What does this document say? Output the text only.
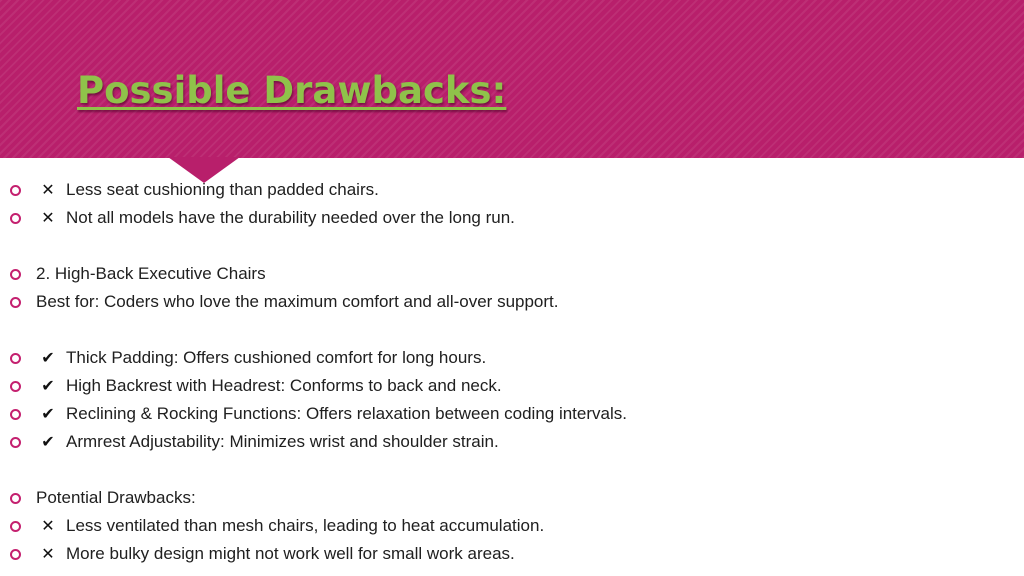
Possible Drawbacks:
✕ Less seat cushioning than padded chairs.
✕ Not all models have the durability needed over the long run.
2. High-Back Executive Chairs
Best for: Coders who love the maximum comfort and all-over support.
✔ Thick Padding: Offers cushioned comfort for long hours.
✔ High Backrest with Headrest: Conforms to back and neck.
✔ Reclining & Rocking Functions: Offers relaxation between coding intervals.
✔ Armrest Adjustability: Minimizes wrist and shoulder strain.
Potential Drawbacks:
✕ Less ventilated than mesh chairs, leading to heat accumulation.
✕ More bulky design might not work well for small work areas.
